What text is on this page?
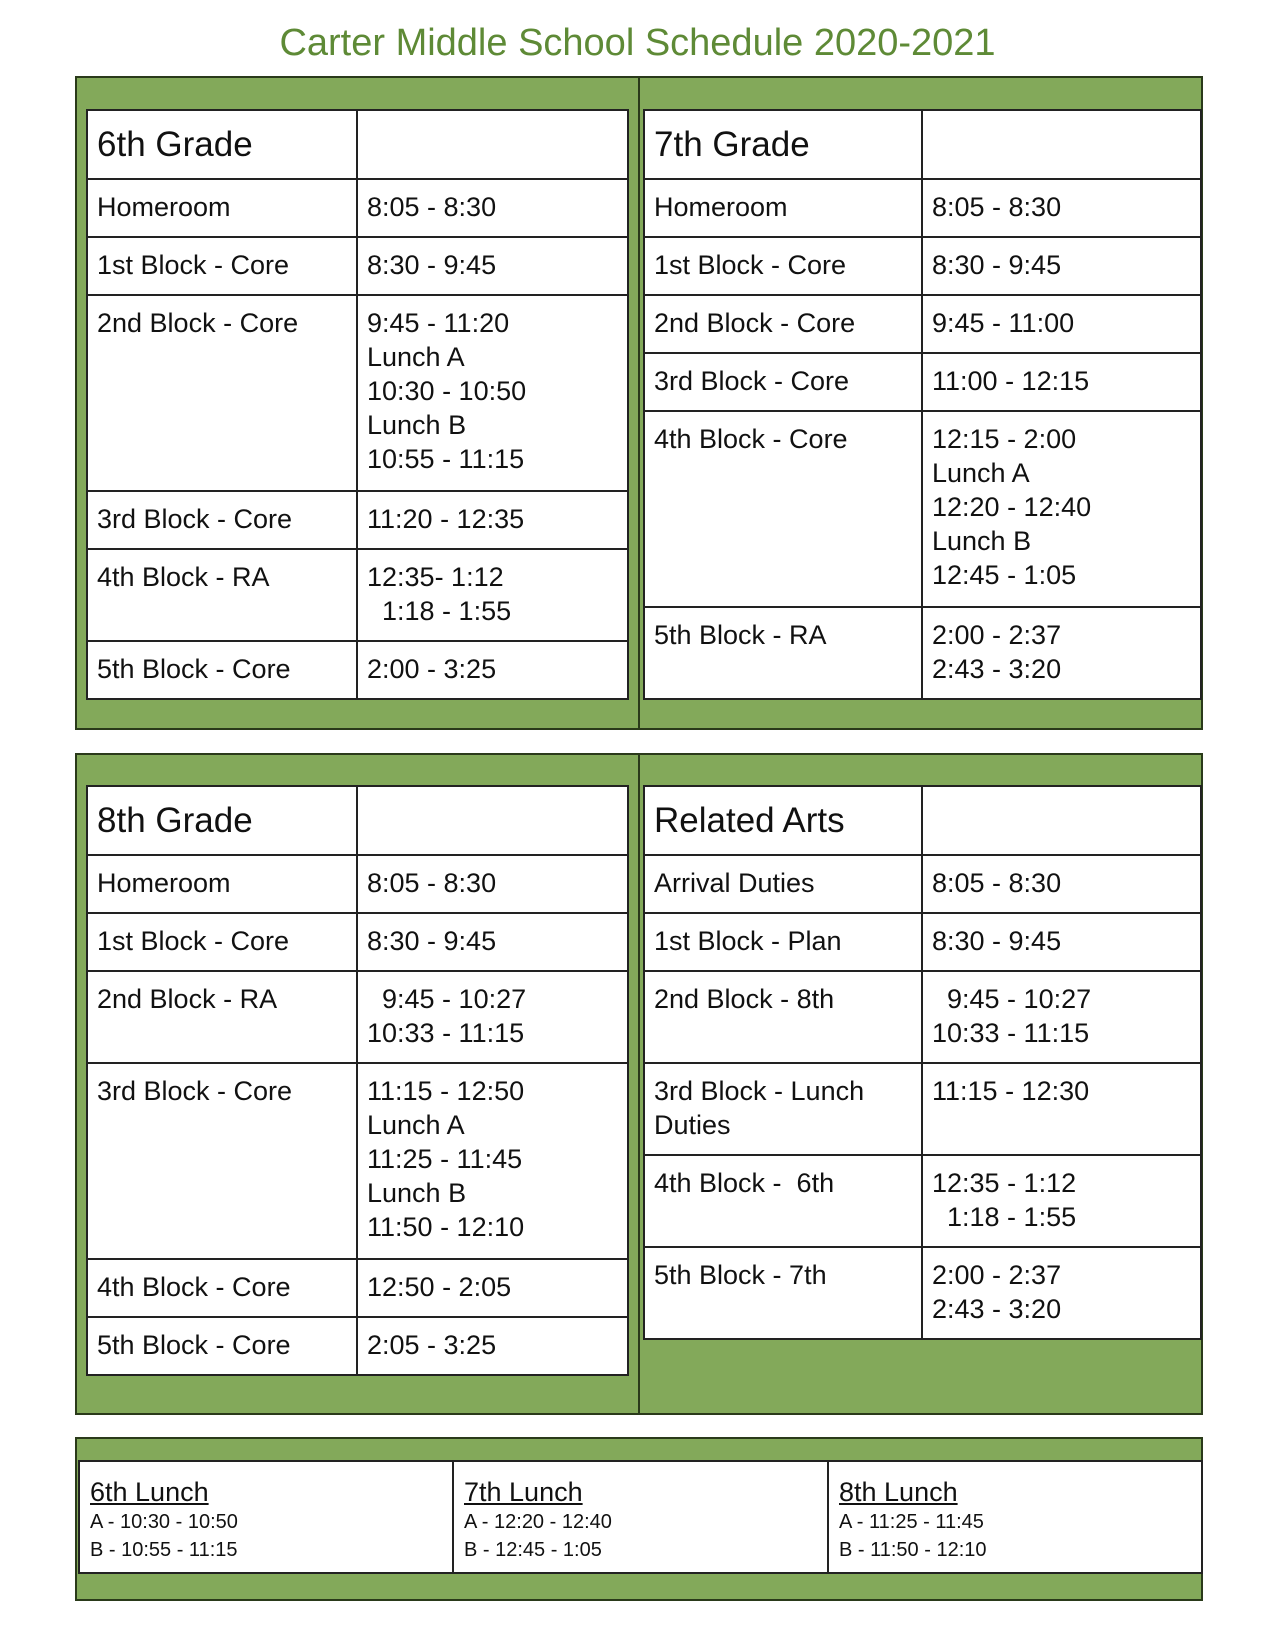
Carter Middle School Schedule 2020-2021
6th Grade	
Homeroom	8:05 - 8:30
1st Block - Core	8:30 - 9:45
2nd Block - Core	9:45 - 11:20
Lunch A
10:30 - 10:50
Lunch B
10:55 - 11:15
3rd Block - Core	11:20 - 12:35
4th Block - RA	12:35- 1:12
1:18 - 1:55
5th Block - Core	2:00 - 3:25
7th Grade	
Homeroom	8:05 - 8:30
1st Block - Core	8:30 - 9:45
2nd Block - Core	9:45 - 11:00
3rd Block - Core	11:00 - 12:15
4th Block - Core	12:15 - 2:00
Lunch A
12:20 - 12:40
Lunch B
12:45 - 1:05
5th Block - RA	2:00 - 2:37
2:43 - 3:20
8th Grade	
Homeroom	8:05 - 8:30
1st Block - Core	8:30 - 9:45
2nd Block - RA	9:45 - 10:27
10:33 - 11:15
3rd Block - Core	11:15 - 12:50
Lunch A
11:25 - 11:45
Lunch B
11:50 - 12:10
4th Block - Core	12:50 - 2:05
5th Block - Core	2:05 - 3:25
Related Arts	
Arrival Duties	8:05 - 8:30
1st Block - Plan	8:30 - 9:45
2nd Block - 8th	9:45 - 10:27
10:33 - 11:15
3rd Block - Lunch
Duties	11:15 - 12:30
4th Block -  6th	12:35 - 1:12
1:18 - 1:55
5th Block - 7th	2:00 - 2:37
2:43 - 3:20
6th Lunch
A - 10:30 - 10:50
B - 10:55 - 11:15

7th Lunch
A - 12:20 - 12:40
B - 12:45 - 1:05

8th Lunch
A - 11:25 - 11:45
B - 11:50 - 12:10
